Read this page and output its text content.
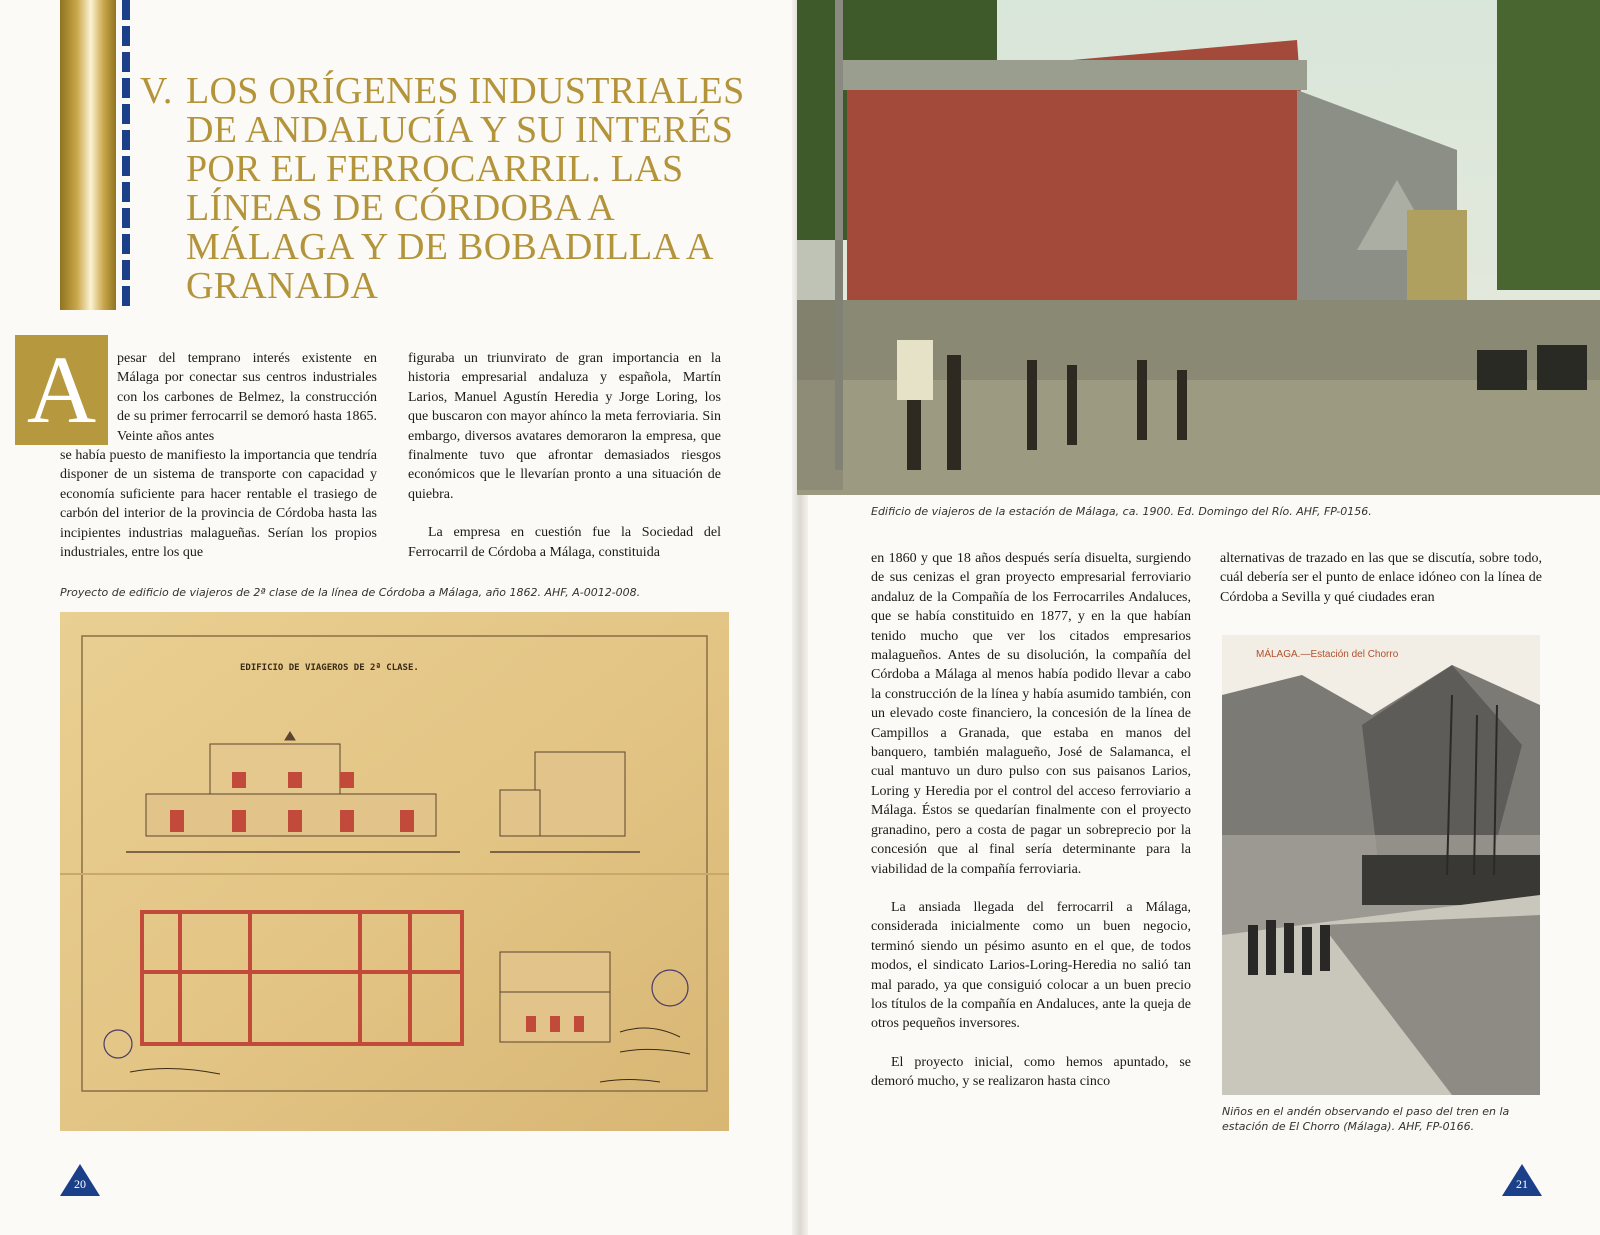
V. LOS ORÍGENES INDUSTRIALES DE ANDALUCÍA Y SU INTERÉS POR EL FERROCARRIL. LAS LÍNEAS DE CÓRDOBA A MÁLAGA Y DE BOBADILLA A GRANADA
A	pesar del temprano interés existente en Málaga por conectar sus centros industriales con los carbones de Belmez, la construcción de su primer ferrocarril se demoró hasta 1865. Veinte años antes

se había puesto de manifiesto la importancia que tendría disponer de un sistema de transporte con capacidad y economía suficiente para hacer rentable el trasiego de carbón del interior de la provincia de Córdoba hasta las incipientes industrias malagueñas. Serían los propios industriales, entre los que

figuraba un triunvirato de gran importancia en la historia empresarial andaluza y española, Martín Larios, Manuel Agustín Heredia y Jorge Loring, los que buscaron con mayor ahínco la meta ferroviaria. Sin embargo, diversos avatares demoraron la empresa, que finalmente tuvo que afrontar demasiados riesgos económicos que le llevarían pronto a una situación de quiebra.

La empresa en cuestión fue la Sociedad del Ferrocarril de Córdoba a Málaga, constituida

Proyecto de edificio de viajeros de 2ª clase de la línea de Córdoba a Málaga, año 1862. AHF, A-0012-008.

EDIFICIO DE VIAGEROS DE 2ª CLASE.
20

Edificio de viajeros de la estación de Málaga, ca. 1900. Ed. Domingo del Río. AHF, FP-0156.

en 1860 y que 18 años después sería disuelta, surgiendo de sus cenizas el gran proyecto empresarial ferroviario andaluz de la Compañía de los Ferrocarriles Andaluces, que se había constituido en 1877, y en la que habían tenido mucho que ver los citados empresarios malagueños. Antes de su disolución, la compañía del Córdoba a Málaga al menos había podido llevar a cabo la construcción de la línea y había asumido también, con un elevado coste financiero, la concesión de la línea de Campillos a Granada, que estaba en manos del banquero, también malagueño, José de Salamanca, el cual mantuvo un duro pulso con sus paisanos Larios, Loring y Heredia por el control del acceso ferroviario a Málaga. Éstos se quedarían finalmente con el proyecto granadino, pero a costa de pagar un sobreprecio por la concesión que al final sería determinante para la viabilidad de la compañía ferroviaria.

La ansiada llegada del ferrocarril a Málaga, considerada inicialmente como un buen negocio, terminó siendo un pésimo asunto en el que, de todos modos, el sindicato Larios-Loring-Heredia no salió tan mal parado, ya que consiguió colocar a un buen precio los títulos de la compañía en Andaluces, ante la queja de otros pequeños inversores.

El proyecto inicial, como hemos apuntado, se demoró mucho, y se realizaron hasta cinco

alternativas de trazado en las que se discutía, sobre todo, cuál debería ser el punto de enlace idóneo con la línea de Córdoba a Sevilla y qué ciudades eran

MÁLAGA.—Estación del Chorro

Niños en el andén observando el paso del tren en la estación de El Chorro (Málaga). AHF, FP-0166.

21
